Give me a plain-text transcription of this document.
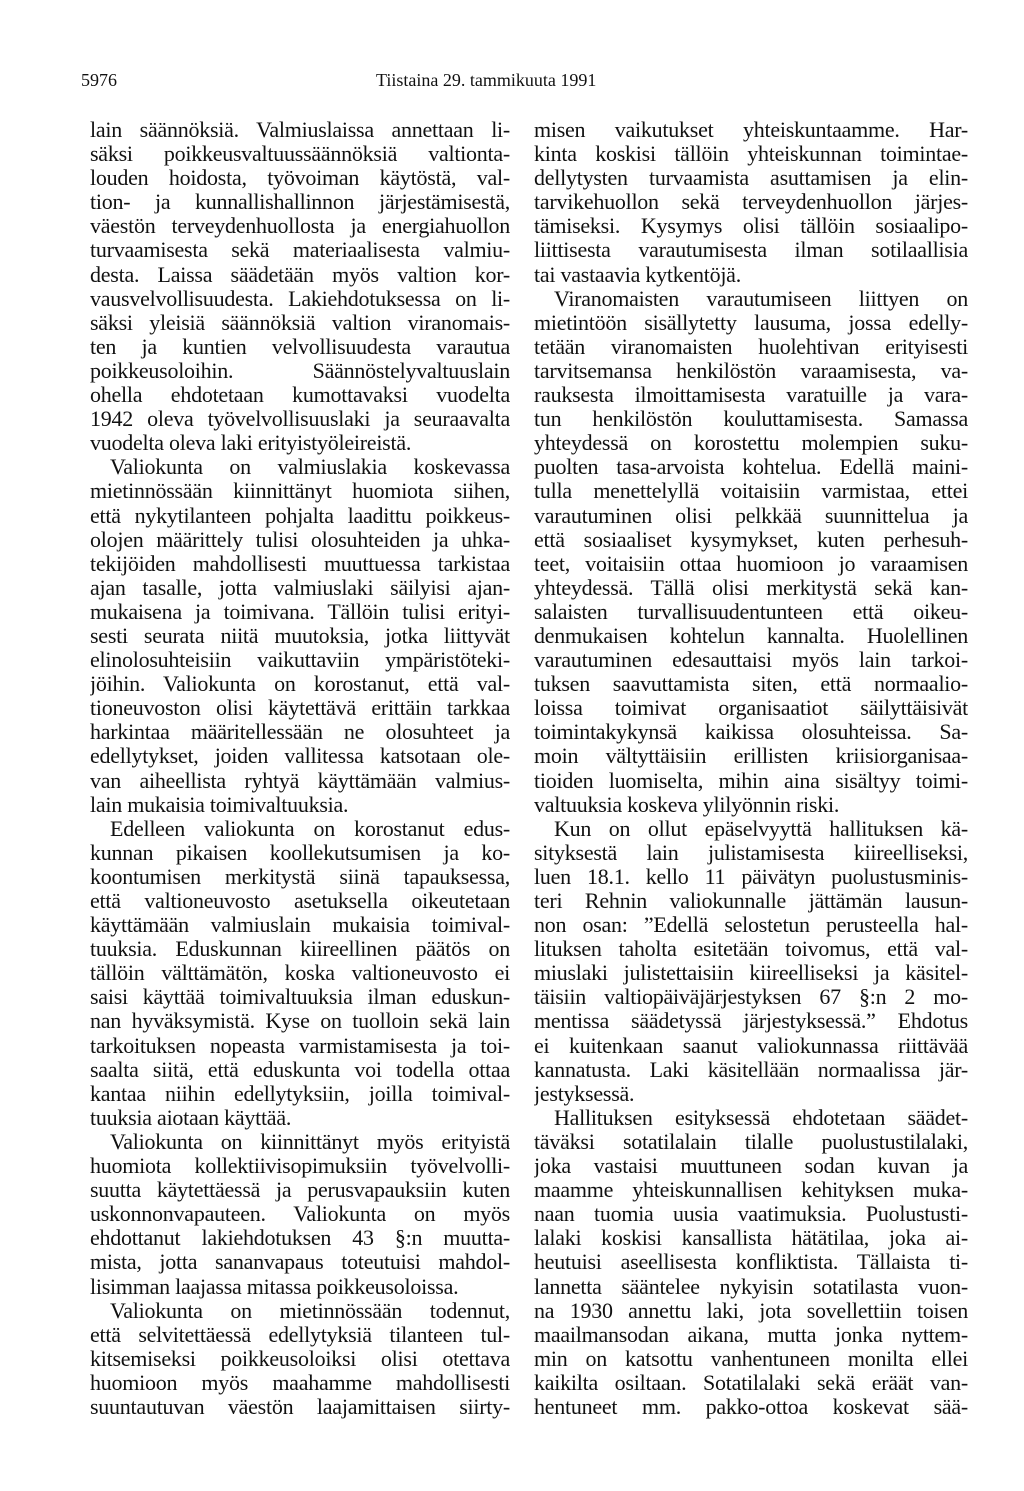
5976	Tiistaina 29. tammikuuta 1991
lain säännöksiä. Valmiuslaissa annettaan li-
säksi poikkeusvaltuussäännöksiä valtionta-
louden hoidosta, työvoiman käytöstä, val-
tion- ja kunnallishallinnon järjestämisestä,
väestön terveydenhuollosta ja energiahuollon
turvaamisesta sekä materiaalisesta valmiu-
desta. Laissa säädetään myös valtion kor-
vausvelvollisuudesta. Lakiehdotuksessa on li-
säksi yleisiä säännöksiä valtion viranomais-
ten ja kuntien velvollisuudesta varautua
poikkeusoloihin. Säännöstelyvaltuuslain
ohella ehdotetaan kumottavaksi vuodelta
1942 oleva työvelvollisuuslaki ja seuraavalta
vuodelta oleva laki erityistyöleireistä.
Valiokunta on valmiuslakia koskevassa
mietinnössään kiinnittänyt huomiota siihen,
että nykytilanteen pohjalta laadittu poikkeus-
olojen määrittely tulisi olosuhteiden ja uhka-
tekijöiden mahdollisesti muuttuessa tarkistaa
ajan tasalle, jotta valmiuslaki säilyisi ajan-
mukaisena ja toimivana. Tällöin tulisi erityi-
sesti seurata niitä muutoksia, jotka liittyvät
elinolosuhteisiin vaikuttaviin ympäristöteki-
jöihin. Valiokunta on korostanut, että val-
tioneuvoston olisi käytettävä erittäin tarkkaa
harkintaa määritellessään ne olosuhteet ja
edellytykset, joiden vallitessa katsotaan ole-
van aiheellista ryhtyä käyttämään valmius-
lain mukaisia toimivaltuuksia.
Edelleen valiokunta on korostanut edus-
kunnan pikaisen koollekutsumisen ja ko-
koontumisen merkitystä siinä tapauksessa,
että valtioneuvosto asetuksella oikeutetaan
käyttämään valmiuslain mukaisia toimival-
tuuksia. Eduskunnan kiireellinen päätös on
tällöin välttämätön, koska valtioneuvosto ei
saisi käyttää toimivaltuuksia ilman eduskun-
nan hyväksymistä. Kyse on tuolloin sekä lain
tarkoituksen nopeasta varmistamisesta ja toi-
saalta siitä, että eduskunta voi todella ottaa
kantaa niihin edellytyksiin, joilla toimival-
tuuksia aiotaan käyttää.
Valiokunta on kiinnittänyt myös erityistä
huomiota kollektiivisopimuksiin työvelvolli-
suutta käytettäessä ja perusvapauksiin kuten
uskonnonvapauteen. Valiokunta on myös
ehdottanut lakiehdotuksen 43 §:n muutta-
mista, jotta sananvapaus toteutuisi mahdol-
lisimman laajassa mitassa poikkeusoloissa.
Valiokunta on mietinnössään todennut,
että selvitettäessä edellytyksiä tilanteen tul-
kitsemiseksi poikkeusoloiksi olisi otettava
huomioon myös maahamme mahdollisesti
suuntautuvan väestön laajamittaisen siirty-
misen vaikutukset yhteiskuntaamme. Har-
kinta koskisi tällöin yhteiskunnan toimintae-
dellytysten turvaamista asuttamisen ja elin-
tarvikehuollon sekä terveydenhuollon järjes-
tämiseksi. Kysymys olisi tällöin sosiaalipo-
liittisesta varautumisesta ilman sotilaallisia
tai vastaavia kytkentöjä.
Viranomaisten varautumiseen liittyen on
mietintöön sisällytetty lausuma, jossa edelly-
tetään viranomaisten huolehtivan erityisesti
tarvitsemansa henkilöstön varaamisesta, va-
rauksesta ilmoittamisesta varatuille ja vara-
tun henkilöstön kouluttamisesta. Samassa
yhteydessä on korostettu molempien suku-
puolten tasa-arvoista kohtelua. Edellä maini-
tulla menettelyllä voitaisiin varmistaa, ettei
varautuminen olisi pelkkää suunnittelua ja
että sosiaaliset kysymykset, kuten perhesuh-
teet, voitaisiin ottaa huomioon jo varaamisen
yhteydessä. Tällä olisi merkitystä sekä kan-
salaisten turvallisuudentunteen että oikeu-
denmukaisen kohtelun kannalta. Huolellinen
varautuminen edesauttaisi myös lain tarkoi-
tuksen saavuttamista siten, että normaalio-
loissa toimivat organisaatiot säilyttäisivät
toimintakykynsä kaikissa olosuhteissa. Sa-
moin vältyttäisiin erillisten kriisiorganisaa-
tioiden luomiselta, mihin aina sisältyy toimi-
valtuuksia koskeva ylilyönnin riski.
Kun on ollut epäselvyyttä hallituksen kä-
sityksestä lain julistamisesta kiireelliseksi,
luen 18.1. kello 11 päivätyn puolustusminis-
teri Rehnin valiokunnalle jättämän lausun-
non osan: ”Edellä selostetun perusteella hal-
lituksen taholta esitetään toivomus, että val-
miuslaki julistettaisiin kiireelliseksi ja käsitel-
täisiin valtiopäiväjärjestyksen 67 §:n 2 mo-
mentissa säädetyssä järjestyksessä.” Ehdotus
ei kuitenkaan saanut valiokunnassa riittävää
kannatusta. Laki käsitellään normaalissa jär-
jestyksessä.
Hallituksen esityksessä ehdotetaan säädet-
täväksi sotatilalain tilalle puolustustilalaki,
joka vastaisi muuttuneen sodan kuvan ja
maamme yhteiskunnallisen kehityksen muka-
naan tuomia uusia vaatimuksia. Puolustusti-
lalaki koskisi kansallista hätätilaa, joka ai-
heutuisi aseellisesta konfliktista. Tällaista ti-
lannetta sääntelee nykyisin sotatilasta vuon-
na 1930 annettu laki, jota sovellettiin toisen
maailmansodan aikana, mutta jonka nyttem-
min on katsottu vanhentuneen monilta ellei
kaikilta osiltaan. Sotatilalaki sekä eräät van-
hentuneet mm. pakko-ottoa koskevat sää-
